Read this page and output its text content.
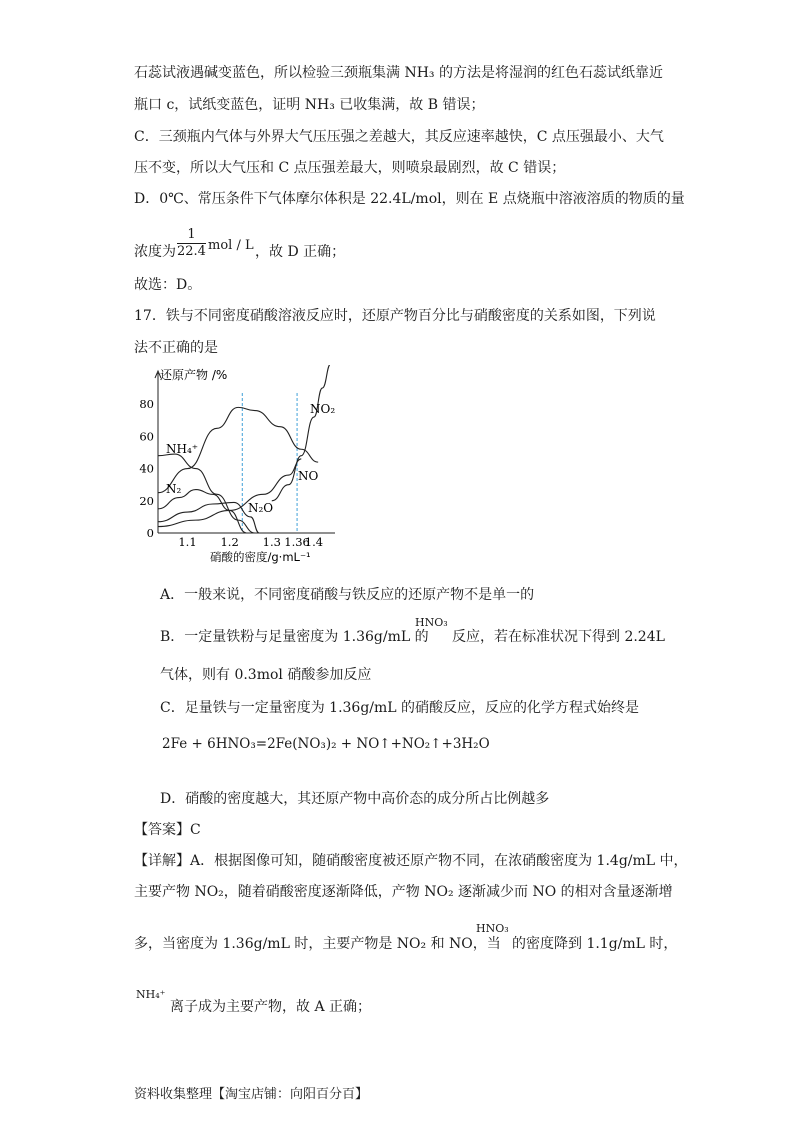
石蕊试液遇碱变蓝色，所以检验三颈瓶集满 NH₃ 的方法是将湿润的红色石蕊试纸靠近
瓶口 c，试纸变蓝色，证明 NH₃ 已收集满，故 B 错误；
C．三颈瓶内气体与外界大气压压强之差越大，其反应速率越快，C 点压强最小、大气
压不变，所以大气压和 C 点压强差最大，则喷泉最剧烈，故 C 错误；
D．0℃、常压条件下气体摩尔体积是 22.4L/mol，则在 E 点烧瓶中溶液溶质的物质的量
浓度为 $\frac{1}{22.4}$ mol / L ，故 D 正确；
故选：D。
17．铁与不同密度硝酸溶液反应时，还原产物百分比与硝酸密度的关系如图，下列说
法不正确的是
还原产物 /%
硝酸的密度/g·mL⁻¹
80
60
40
20
0
1.1 1.2 1.3 1.36
1.4
NO₂
NO
NH₄⁺
N₂
N₂O
A．一般来说，不同密度硝酸与铁反应的还原产物不是单一的
B．一定量铁粉与足量密度为 1.36g/mL 的
HNO₃
反应，若在标准状况下得到 2.24L
气体，则有 0.3mol 硝酸参加反应
C．足量铁与一定量密度为 1.36g/mL 的硝酸反应，反应的化学方程式始终是
2Fe + 6HNO₃=2Fe(NO₃)₂ + NO↑+NO₂↑+3H₂O
D．硝酸的密度越大，其还原产物中高价态的成分所占比例越多
【答案】C
【详解】A．根据图像可知，随硝酸密度被还原产物不同，在浓硝酸密度为 1.4g/mL 中，
主要产物 NO₂，随着硝酸密度逐渐降低，产物 NO₂ 逐渐减少而 NO 的相对含量逐渐增
多，当密度为 1.36g/mL 时，主要产物是 NO₂ 和 NO，当
HNO₃
的密度降到 1.1g/mL 时，
NH₄⁺
离子成为主要产物，故 A 正确；
资料收集整理【淘宝店铺：向阳百分百】
